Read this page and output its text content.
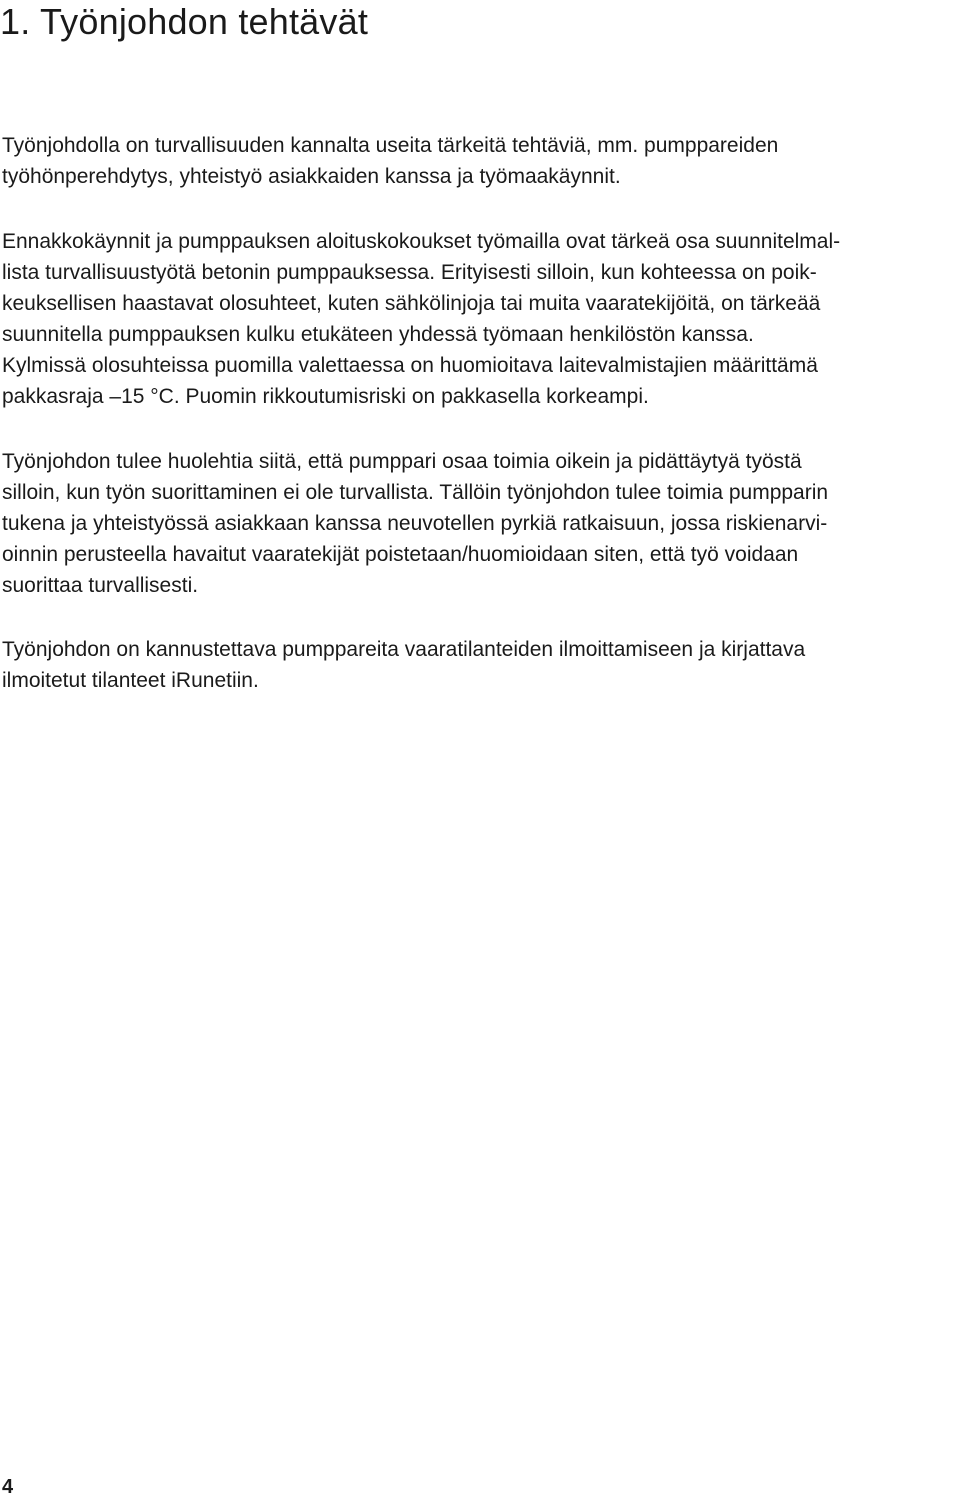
1. Työnjohdon tehtävät

Työnjohdolla on turvallisuuden kannalta useita tärkeitä tehtäviä, mm. pumppareiden
työhönperehdytys, yhteistyö asiakkaiden kanssa ja työmaakäynnit.

Ennakkokäynnit ja pumppauksen aloituskokoukset työmailla ovat tärkeä osa suunnitelmal-
lista turvallisuustyötä betonin pumppauksessa. Erityisesti silloin, kun kohteessa on poik-
keuksellisen haastavat olosuhteet, kuten sähkölinjoja tai muita vaaratekijöitä, on tärkeää
suunnitella pumppauksen kulku etukäteen yhdessä työmaan henkilöstön kanssa.
Kylmissä olosuhteissa puomilla valettaessa on huomioitava laitevalmistajien määrittämä
pakkasraja –15 °C. Puomin rikkoutumisriski on pakkasella korkeampi.

Työnjohdon tulee huolehtia siitä, että pumppari osaa toimia oikein ja pidättäytyä työstä
silloin, kun työn suorittaminen ei ole turvallista. Tällöin työnjohdon tulee toimia pumpparin
tukena ja yhteistyössä asiakkaan kanssa neuvotellen pyrkiä ratkaisuun, jossa riskienarvi-
oinnin perusteella havaitut vaaratekijät poistetaan/huomioidaan siten, että työ voidaan
suorittaa turvallisesti.

Työnjohdon on kannustettava pumppareita vaaratilanteiden ilmoittamiseen ja kirjattava
ilmoitetut tilanteet iRunetiin.

4
